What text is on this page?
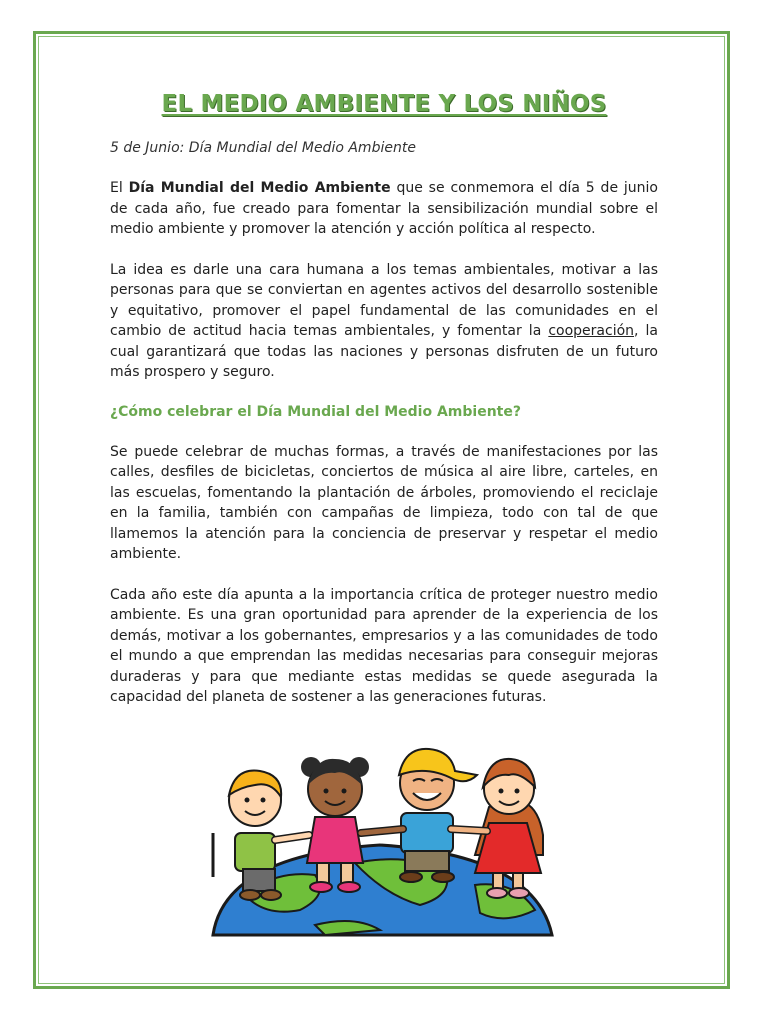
EL MEDIO AMBIENTE Y LOS NIÑOS
5 de Junio: Día Mundial del Medio Ambiente

El Día Mundial del Medio Ambiente que se conmemora el día 5 de junio de cada año, fue creado para fomentar la sensibilización mundial sobre el medio ambiente y promover la atención y acción política al respecto.

La idea es darle una cara humana a los temas ambientales, motivar a las personas para que se conviertan en agentes activos del desarrollo sostenible y equitativo, promover el papel fundamental de las comunidades en el cambio de actitud hacia temas ambientales, y fomentar la cooperación, la cual garantizará que todas las naciones y personas disfruten de un futuro más prospero y seguro.

¿Cómo celebrar el Día Mundial del Medio Ambiente?

Se puede celebrar de muchas formas, a través de manifestaciones por las calles, desfiles de bicicletas, conciertos de música al aire libre, carteles, en las escuelas, fomentando la plantación de árboles, promoviendo el reciclaje en la familia, también con campañas de limpieza, todo con tal de que llamemos la atención para la conciencia de preservar y respetar el medio ambiente.

Cada año este día apunta a la importancia crítica de proteger nuestro medio ambiente. Es una gran oportunidad para aprender de la experiencia de los demás, motivar a los gobernantes, empresarios y a las comunidades de todo el mundo a que emprendan las medidas necesarias para conseguir mejoras duraderas y para que mediante estas medidas se quede asegurada la capacidad del planeta de sostener a las generaciones futuras.
